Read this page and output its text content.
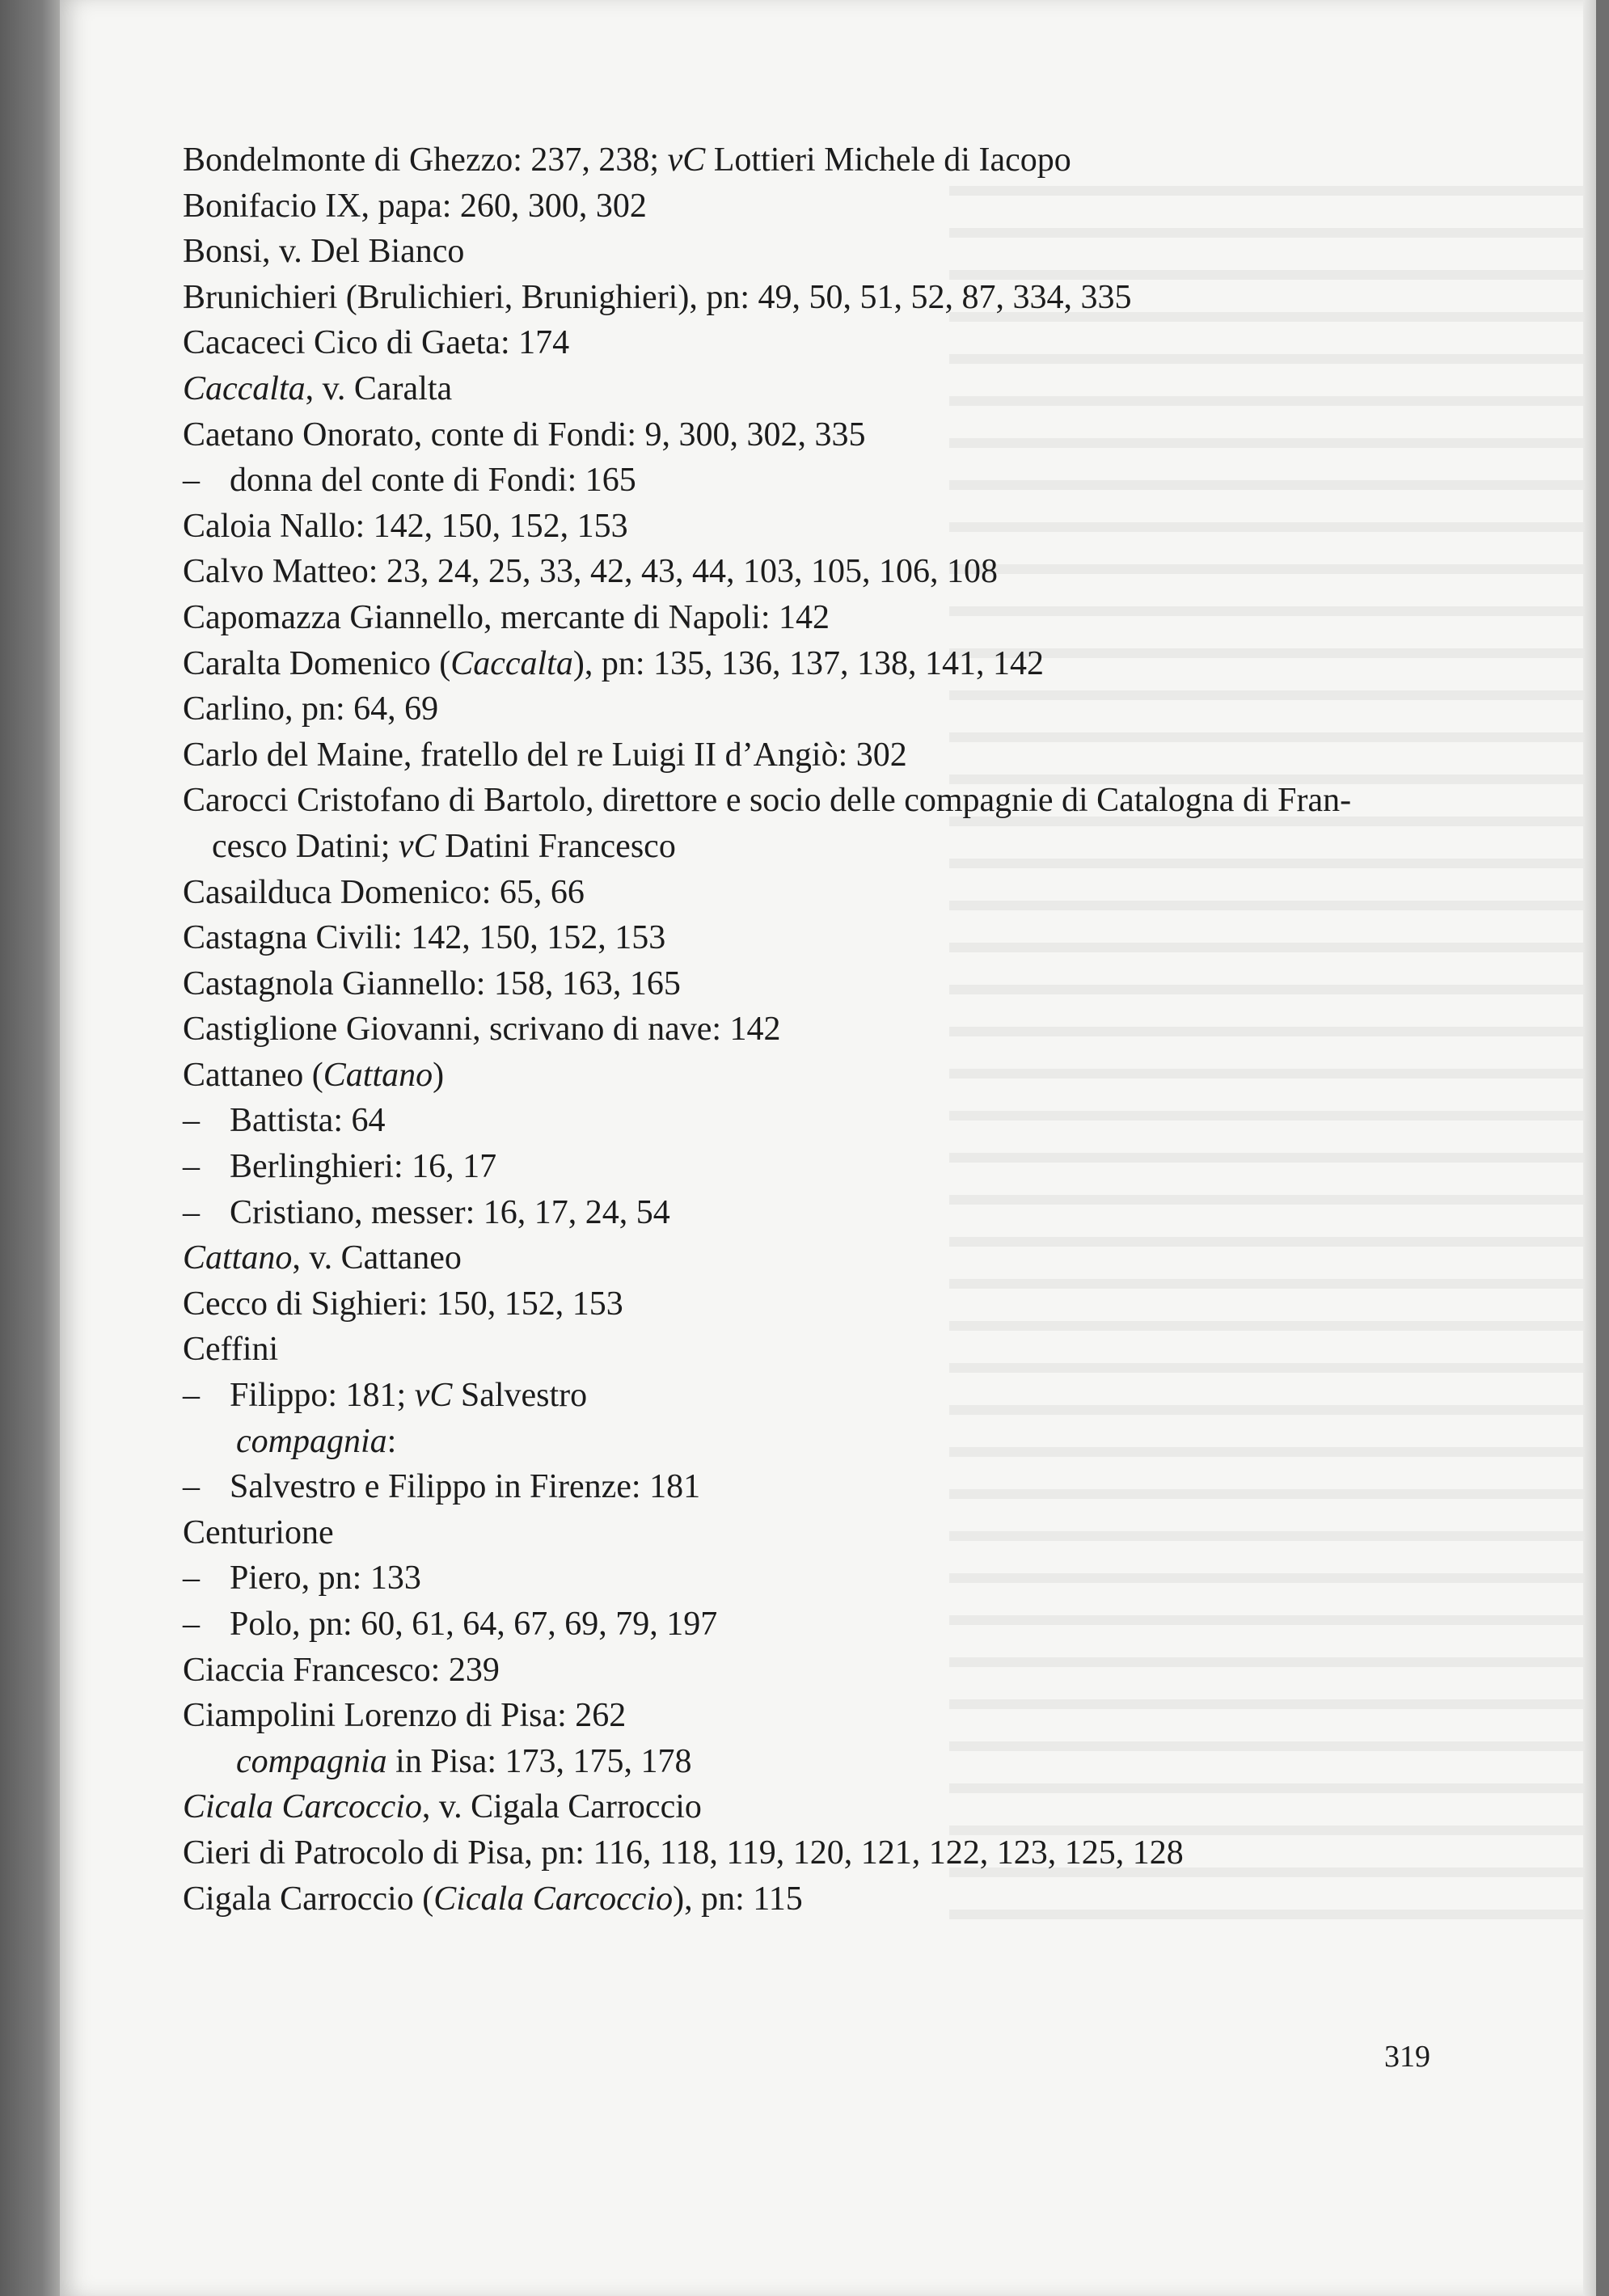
Bondelmonte di Ghezzo: 237, 238; vC Lottieri Michele di Iacopo
Bonifacio IX, papa: 260, 300, 302
Bonsi, v. Del Bianco
Brunichieri (Brulichieri, Brunighieri), pn: 49, 50, 51, 52, 87, 334, 335
Cacaceci Cico di Gaeta: 174
Caccalta, v. Caralta
Caetano Onorato, conte di Fondi: 9, 300, 302, 335
– donna del conte di Fondi: 165
Caloia Nallo: 142, 150, 152, 153
Calvo Matteo: 23, 24, 25, 33, 42, 43, 44, 103, 105, 106, 108
Capomazza Giannello, mercante di Napoli: 142
Caralta Domenico (Caccalta), pn: 135, 136, 137, 138, 141, 142
Carlino, pn: 64, 69
Carlo del Maine, fratello del re Luigi II d’Angiò: 302
Carocci Cristofano di Bartolo, direttore e socio delle compagnie di Catalogna di Fran-
cesco Datini; vC Datini Francesco
Casailduca Domenico: 65, 66
Castagna Civili: 142, 150, 152, 153
Castagnola Giannello: 158, 163, 165
Castiglione Giovanni, scrivano di nave: 142
Cattaneo (Cattano)
– Battista: 64
– Berlinghieri: 16, 17
– Cristiano, messer: 16, 17, 24, 54
Cattano, v. Cattaneo
Cecco di Sighieri: 150, 152, 153
Ceffini
– Filippo: 181; vC Salvestro
compagnia:
– Salvestro e Filippo in Firenze: 181
Centurione
– Piero, pn: 133
– Polo, pn: 60, 61, 64, 67, 69, 79, 197
Ciaccia Francesco: 239
Ciampolini Lorenzo di Pisa: 262
compagnia in Pisa: 173, 175, 178
Cicala Carcoccio, v. Cigala Carroccio
Cieri di Patrocolo di Pisa, pn: 116, 118, 119, 120, 121, 122, 123, 125, 128
Cigala Carroccio (Cicala Carcoccio), pn: 115
319
